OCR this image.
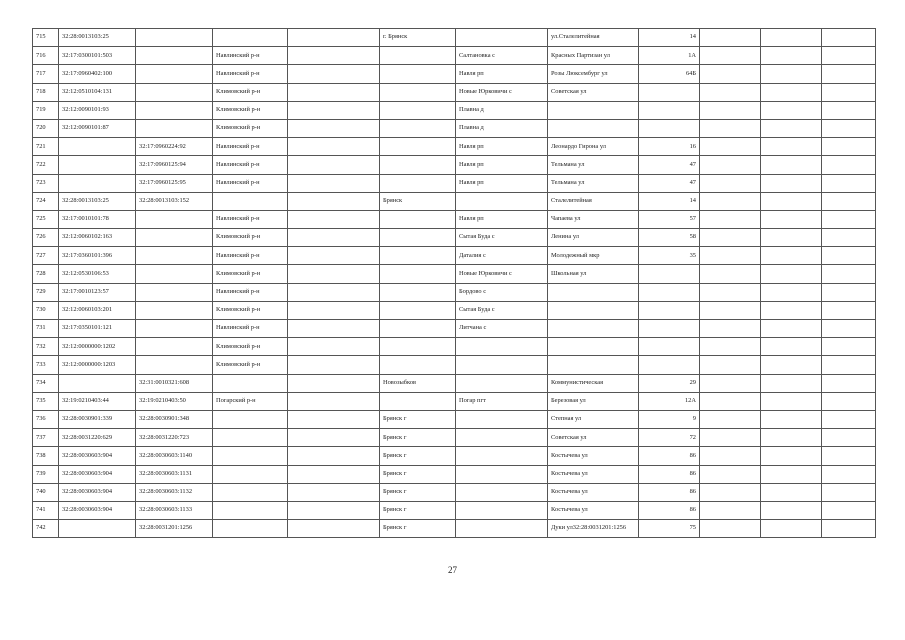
715	32:28:0013103:25				г. Брянск		ул.Сталелитейная	14			
716	32:17:0300101:503		Навлинский р-н			Салтановка с	Красных Партизан ул	1А			
717	32:17:0960402:100		Навлинский р-н			Навля рп	Розы Люксембург ул	64Б			
718	32:12:0510104:131		Климовский р-н			Новые Юрковичи с	Советская ул				
719	32:12:0090101:93		Климовский р-н			Плавна д					
720	32:12:0090101:87		Климовский р-н			Плавна д					
721		32:17:0960224:92	Навлинский р-н			Навля рп	Леонардо Гирона ул	16			
722		32:17:0960125:94	Навлинский р-н			Навля рп	Тельмана ул	47			
723		32:17:0960125:95	Навлинский р-н			Навля рп	Тельмана ул	47			
724	32:28:0013103:25	32:28:0013103:152			Брянск		Сталелитейная	14			
725	32:17:0010101:78		Навлинский р-н			Навля рп	Чапаева ул	57			
726	32:12:0060102:163		Климовский р-н			Сытая Буда с	Ленина ул	58			
727	32:17:0360101:396		Навлинский р-н			Даталия с	Молодежный мкр	35			
728	32:12:0530106:53		Климовский р-н			Новые Юрковичи с	Школьная ул				
729	32:17:0010123:57		Навлинский р-н			Бордово с					
730	32:12:0060103:201		Климовский р-н			Сытая Буда с					
731	32:17:0350101:121		Навлинский р-н			Литчана с					
732	32:12:0000000:1202		Климовский р-н								
733	32:12:0000000:1203		Климовский р-н								
734		32:31:0010321:608			Новозыбков		Коммунистическая	29			
735	32:19:0210403:44	32:19:0210403:50	Погарский р-н			Погар пгт	Березовая ул	12А			
736	32:28:0030901:339	32:28:0030901:348			Брянск г		Степная ул	9			
737	32:28:0031220:629	32:28:0031220:723			Брянск г		Советская ул	72			
738	32:28:0030603:904	32:28:0030603:1140			Брянск г		Костычева ул	86			
739	32:28:0030603:904	32:28:0030603:1131			Брянск г		Костычева ул	86			
740	32:28:0030603:904	32:28:0030603:1132			Брянск г		Костычева ул	86			
741	32:28:0030603:904	32:28:0030603:1133			Брянск г		Костычева ул	86			
742		32:28:0031201:1256			Брянск г		Дуки ул32:28:0031201:1256	75			
27
